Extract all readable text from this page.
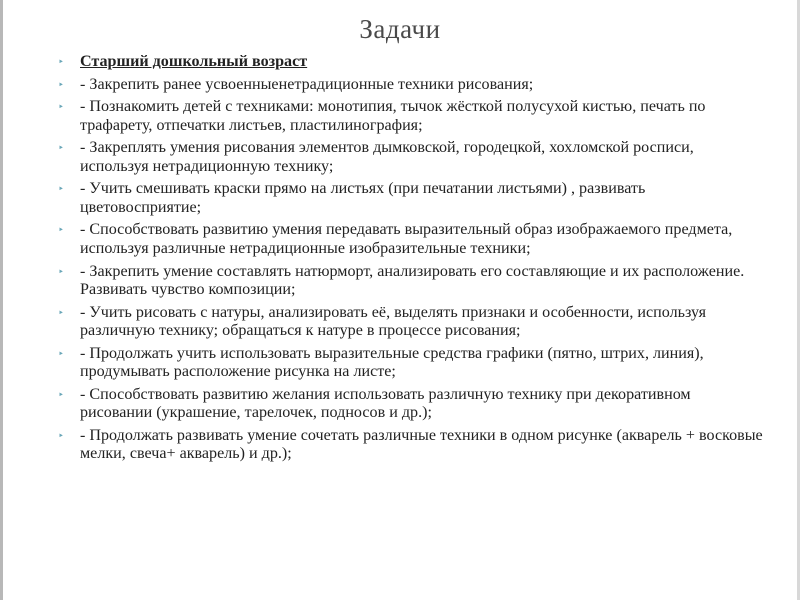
Задачи
‣ Старший дошкольный возраст
‣ - Закрепить ранее усвоенныенетрадиционные техники рисования;
‣ - Познакомить детей с техниками: монотипия, тычок жёсткой полусухой кистью, печать по трафарету, отпечатки листьев, пластилинография;
‣ - Закреплять умения рисования элементов дымковской, городецкой, хохломской росписи, используя нетрадиционную технику;
‣ - Учить смешивать краски прямо на листьях (при печатании листьями) , развивать цветовосприятие;
‣ - Способствовать развитию умения передавать выразительный образ изображаемого предмета, используя различные нетрадиционные изобразительные техники;
‣ - Закрепить умение составлять натюрморт, анализировать его составляющие и их расположение. Развивать чувство композиции;
‣ - Учить рисовать с натуры, анализировать её, выделять признаки и особенности, используя различную технику; обращаться к натуре в процессе рисования;
‣ - Продолжать учить использовать выразительные средства графики (пятно, штрих, линия), продумывать расположение рисунка на листе;
‣ - Способствовать развитию желания использовать различную технику при декоративном рисовании (украшение, тарелочек, подносов и др.);
‣ - Продолжать развивать умение сочетать различные техники в одном рисунке (акварель + восковые мелки, свеча+ акварель) и др.);
